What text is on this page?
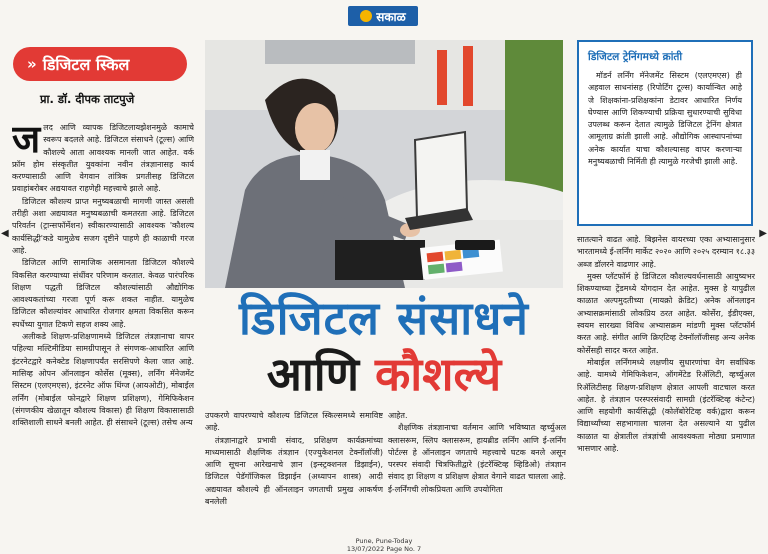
सकाळ
◀	▶
» डिजिटल स्किल
प्रा. डॉ. दीपक ताटपुजे

जलद आणि व्यापक डिजिटलायझेशनमुळे कामाचे स्वरूप बदलले आहे. डिजिटल संसाधने (टूल्स) आणि कौशल्ये आता आवश्यक मानली जात आहेत. वर्क फ्रॉम होम संस्कृतीत युवकांना नवीन तंत्रज्ञानासह कार्य करण्यासाठी आणि वेगवान तांत्रिक प्रगतीसह डिजिटल प्रवाहांबरोबर अद्ययावत राहणेही महत्त्वाचे झाले आहे.

डिजिटल कौशल्य प्राप्त मनुष्यबळाची मागणी जास्त असली तरीही अशा अद्ययावत मनुष्यबळाची कमतरता आहे. डिजिटल परिवर्तन (ट्रान्सफॉर्मेशन) स्वीकारण्यासाठी आवश्यक 'कौशल्य कार्यसिद्धी'कडे यामुळेच सजग दृष्टीने पाहणे ही काळाची गरज आहे.

डिजिटल आणि सामाजिक असमानता डिजिटल कौशल्ये विकसित करण्याच्या संधींवर परिणाम करतात. केवळ पारंपरिक शिक्षण पद्धती डिजिटल कौशल्यांसाठी औद्योगिक आवश्यकतांच्या गरजा पूर्ण करू शकत नाहीत. यामुळेच डिजिटल कौशल्यांवर आधारित रोजगार क्षमता विकसित करून स्पर्धेच्या युगात टिकणे सहज शक्य आहे.

अलीकडे शिक्षण-प्रशिक्षणामध्ये डिजिटल तंत्रज्ञानाचा वापर पहिल्या मल्टिमीडिया सामग्रीपासून ते संगणक-आधारित आणि इंटरनेटद्वारे कनेक्टेड शिक्षणापर्यंत सरसिपणे केला जात आहे. मासिव्ह ओपन ऑनलाइन कोर्सेस (मूक्स), लर्निंग मॅनेजमेंट सिस्टम (एलएमएस), इंटरनेट ऑफ थिंग्ज (आयओटी), मोबाईल लर्निंग (मोबाईल फोनद्वारे शिक्षण प्रशिक्षण), गेमिफिकेशन (संगणकीय खेळातून कौशल्य विकास) ही शिक्षण विकासासाठी शक्तिशाली साधने बनली आहेत. ही संसाधने (टूल्स) तसेच अन्य

डिजिटल संसाधने
आणि कौशल्ये

उपकरणे वापरण्याचे कौशल्य डिजिटल स्किल्समध्ये समाविष्ट आहे.

तंत्रज्ञानाद्वारे प्रभावी संवाद, प्रशिक्षण कार्यक्रमांच्या माध्यमासाठी शैक्षणिक तंत्रज्ञान (एज्युकेशनल टेक्नॉलॉजी) आणि सूचना आरेखनाचे ज्ञान (इन्स्ट्रक्शनल डिझाईन), डिजिटल पेडॅगॉजिकल डिझाईन (अध्यापन शास्त्र) आदी अद्ययावत कौशल्ये ही ऑनलाइन जगताची प्रमुख आकर्षण बनलेली

आहेत.

शैक्षणिक तंत्रज्ञानाचा वर्तमान आणि भविष्यात व्हर्च्युअल क्लासरूम, स्लिप क्लासरूम, हायब्रीड लर्निंग आणि ई-लर्निंग पोर्टल्स हे ऑनलाइन जगताचे महत्त्वाचे घटक बनले असून परस्पर संवादी चित्रफितीद्वारे (इंटरॅक्टिव्ह व्हिडिओ) तंत्रज्ञान संवाद हा शिक्षण व प्रशिक्षण क्षेत्रात वेगाने वाढत चालला आहे. ई-लर्निंगची लोकप्रियता आणि उपयोगिता

डिजिटल ट्रेनिंगमध्ये क्रांती
मॉडर्न लर्निंग मॅनेजमेंट सिस्टम (एलएमएस) ही अहवाल साधनांसह (रिपोर्टिंग टूल्स) कार्यान्वित आहे जे शिक्षकांना-प्रशिक्षकांना डेटावर आधारित निर्णय घेण्यास आणि शिकण्याची प्रक्रिया सुधारण्याची सुविधा उपलब्ध करून देतात त्यामुळे डिजिटल ट्रेनिंग क्षेत्रात आमूलाग्र क्रांती झाली आहे. औद्योगिक आस्थापनांच्या अनेक कार्यात याचा कौशल्यासह वापर करणाऱ्या मनुष्यबळाची निर्मिती ही त्यामुळे गरजेची झाली आहे.

सातत्याने वाढत आहे. बिझनेस वायरच्या एका अभ्यासानुसार भारतामध्ये ई-लर्निंग मार्केट २०२० आणि २०२५ दरम्यान १८.३३ अब्ज डॉलरने वाढणार आहे.

मुक्स प्लॅटफॉर्म हे डिजिटल कौशल्यवर्धनासाठी आयुष्यभर शिकण्याच्या ट्रेंडमध्ये योगदान देत आहेत. मुक्स हे यापुढील काळात अल्पमुदतीच्या (मायक्रो क्रेडिट) अनेक ऑनलाइन अभ्यासक्रमांसाठी लोकप्रिय ठरत आहेत. कोर्सेरा, ईडीएक्स, स्वयम सारख्या विविध अभ्यासक्रम मांडणी मुक्स प्लॅटफॉर्म करत आहे. संगीत आणि क्रिएटिव्ह टेक्नॉलॉजीसह अन्य अनेक कोर्सेसही सादर करत आहेत.

मोबाईल लर्निंगमध्ये लक्षणीय सुधारणांचा वेग सर्वाधिक आहे. यामध्ये गेमिफिकेशन, ऑगमेंटेड रिॲलिटी, व्हर्च्युअल रिॲलिटीसह शिक्षण-प्रशिक्षण क्षेत्रात आपली वाटचाल करत आहेत. हे तंत्रज्ञान परस्परसंवादी सामग्री (इंटरॅक्टिव्ह कंटेन्ट) आणि सहयोगी कार्यसिद्धी (कोलॅबोरेटिव्ह वर्क)द्वारा करून विद्यार्थ्यांच्या सहभागाला चालना देत असल्याने या पुढील काळात या क्षेत्रातील तंत्रज्ञांची आवश्यकता मोठ्या प्रमाणात भासणार आहे.

Pune, Pune-Today
13/07/2022 Page No. 7
